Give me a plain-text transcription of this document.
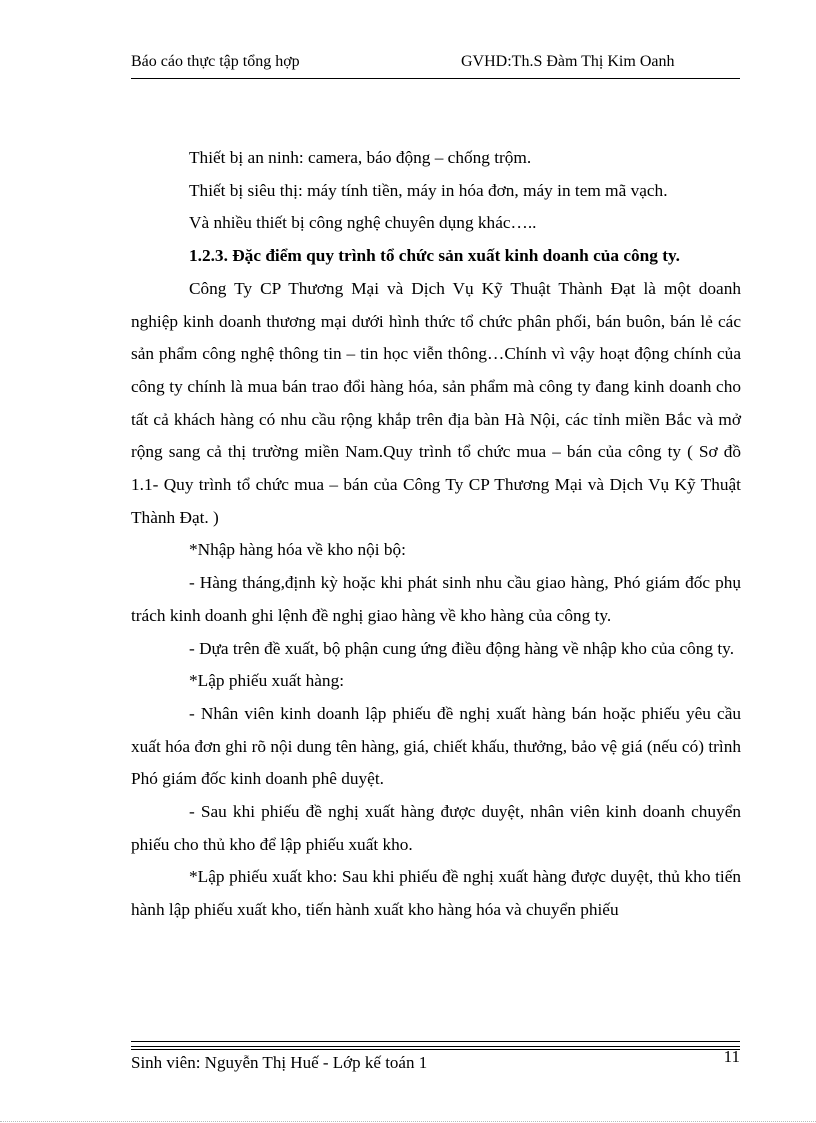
Báo cáo thực tập tổng hợp	GVHD:Th.S Đàm Thị Kim Oanh

Thiết bị an ninh: camera, báo động – chống trộm.

Thiết bị siêu thị: máy tính tiền, máy in hóa đơn, máy in tem mã vạch.

Và nhiều thiết bị công nghệ chuyên dụng khác…..

1.2.3. Đặc điểm quy trình tổ chức sản xuất kinh doanh của công ty.

Công Ty CP Thương Mại và Dịch Vụ Kỹ Thuật Thành Đạt là một doanh nghiệp kinh doanh thương mại dưới hình thức tổ chức phân phối, bán buôn, bán lẻ các sản phẩm công nghệ thông tin – tin học viễn thông…Chính vì vậy hoạt động chính của công ty chính là mua bán trao đổi hàng hóa, sản phẩm mà công ty đang kinh doanh cho tất cả khách hàng có nhu cầu rộng khắp trên địa bàn Hà Nội, các tỉnh miền Bắc và mở rộng sang cả thị trường miền Nam.Quy trình tổ chức mua – bán của công ty ( Sơ đồ 1.1- Quy trình tổ chức mua – bán của Công Ty CP Thương Mại và Dịch Vụ Kỹ Thuật Thành Đạt. )

*Nhập hàng hóa về kho nội bộ:

- Hàng tháng,định kỳ hoặc khi phát sinh nhu cầu giao hàng, Phó giám đốc phụ trách kinh doanh ghi lệnh đề nghị giao hàng về kho hàng của công ty.

- Dựa trên đề xuất, bộ phận cung ứng điều động hàng về nhập kho của công ty.

*Lập phiếu xuất hàng:

- Nhân viên kinh doanh lập phiếu đề nghị xuất hàng bán hoặc phiếu yêu cầu xuất hóa đơn ghi rõ nội dung tên hàng, giá, chiết khấu, thưởng, bảo vệ giá (nếu có) trình Phó giám đốc kinh doanh phê duyệt.

- Sau khi phiếu đề nghị xuất hàng được duyệt, nhân viên kinh doanh chuyển phiếu cho thủ kho để lập phiếu xuất kho.

*Lập phiếu xuất kho: Sau khi phiếu đề nghị xuất hàng được duyệt, thủ kho tiến hành lập phiếu xuất kho, tiến hành xuất kho hàng hóa và chuyển phiếu

Sinh viên: Nguyễn Thị Huế - Lớp kế toán 1	11
